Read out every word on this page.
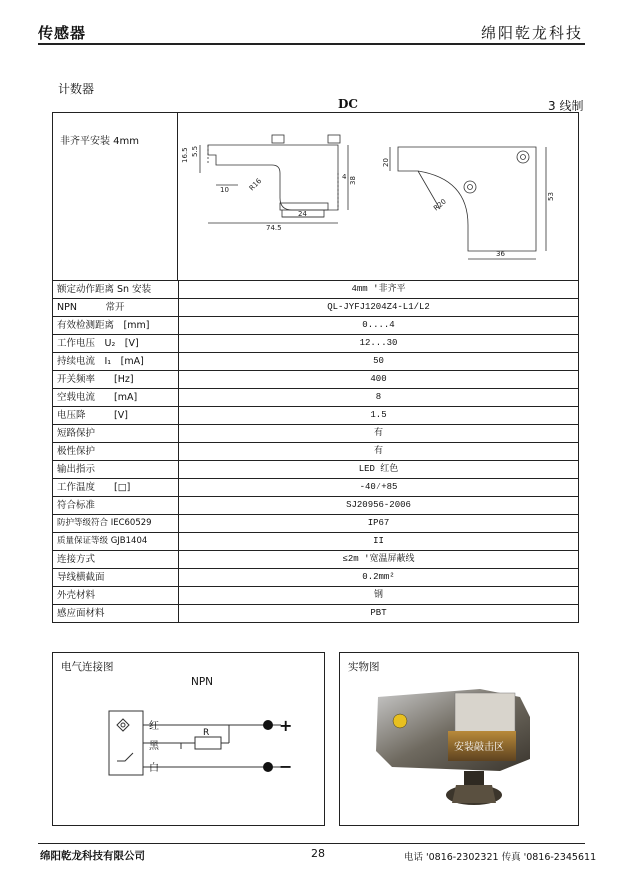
传感器	绵阳乾龙科技
计数器
DC	3 线制
非齐平安装 4mm
16.5 5.5
10	R16	38
24
74.5
4
20
R20
53
36
额定动作距离 Sn 安装	4mm '非齐平
NPN　　　常开	QL-JYFJ1204Z4-L1/L2
有效检测距离　[mm]	0....4
工作电压　U₂　[V]	12...30
持续电流　I₁　[mA]	50
开关频率　　[Hz]	400
空载电流　　[mA]	8
电压降　　　[V]	1.5
短路保护	有
极性保护	有
输出指示	LED 红色
工作温度　　[□]	-40⁄+85
符合标准	SJ20956-2006
防护等级符合 IEC60529	IP67
质量保证等级 GJB1404	II
连接方式	≤2m '宽温屏蔽线
导线横截面	0.2mm²
外壳材料	钢
感应面材料	PBT
电气连接图
NPN
红
黑
白
R	+
−
实物图
安装敲击区
绵阳乾龙科技有限公司	28	电话 '0816-2302321 传真 '0816-2345611
